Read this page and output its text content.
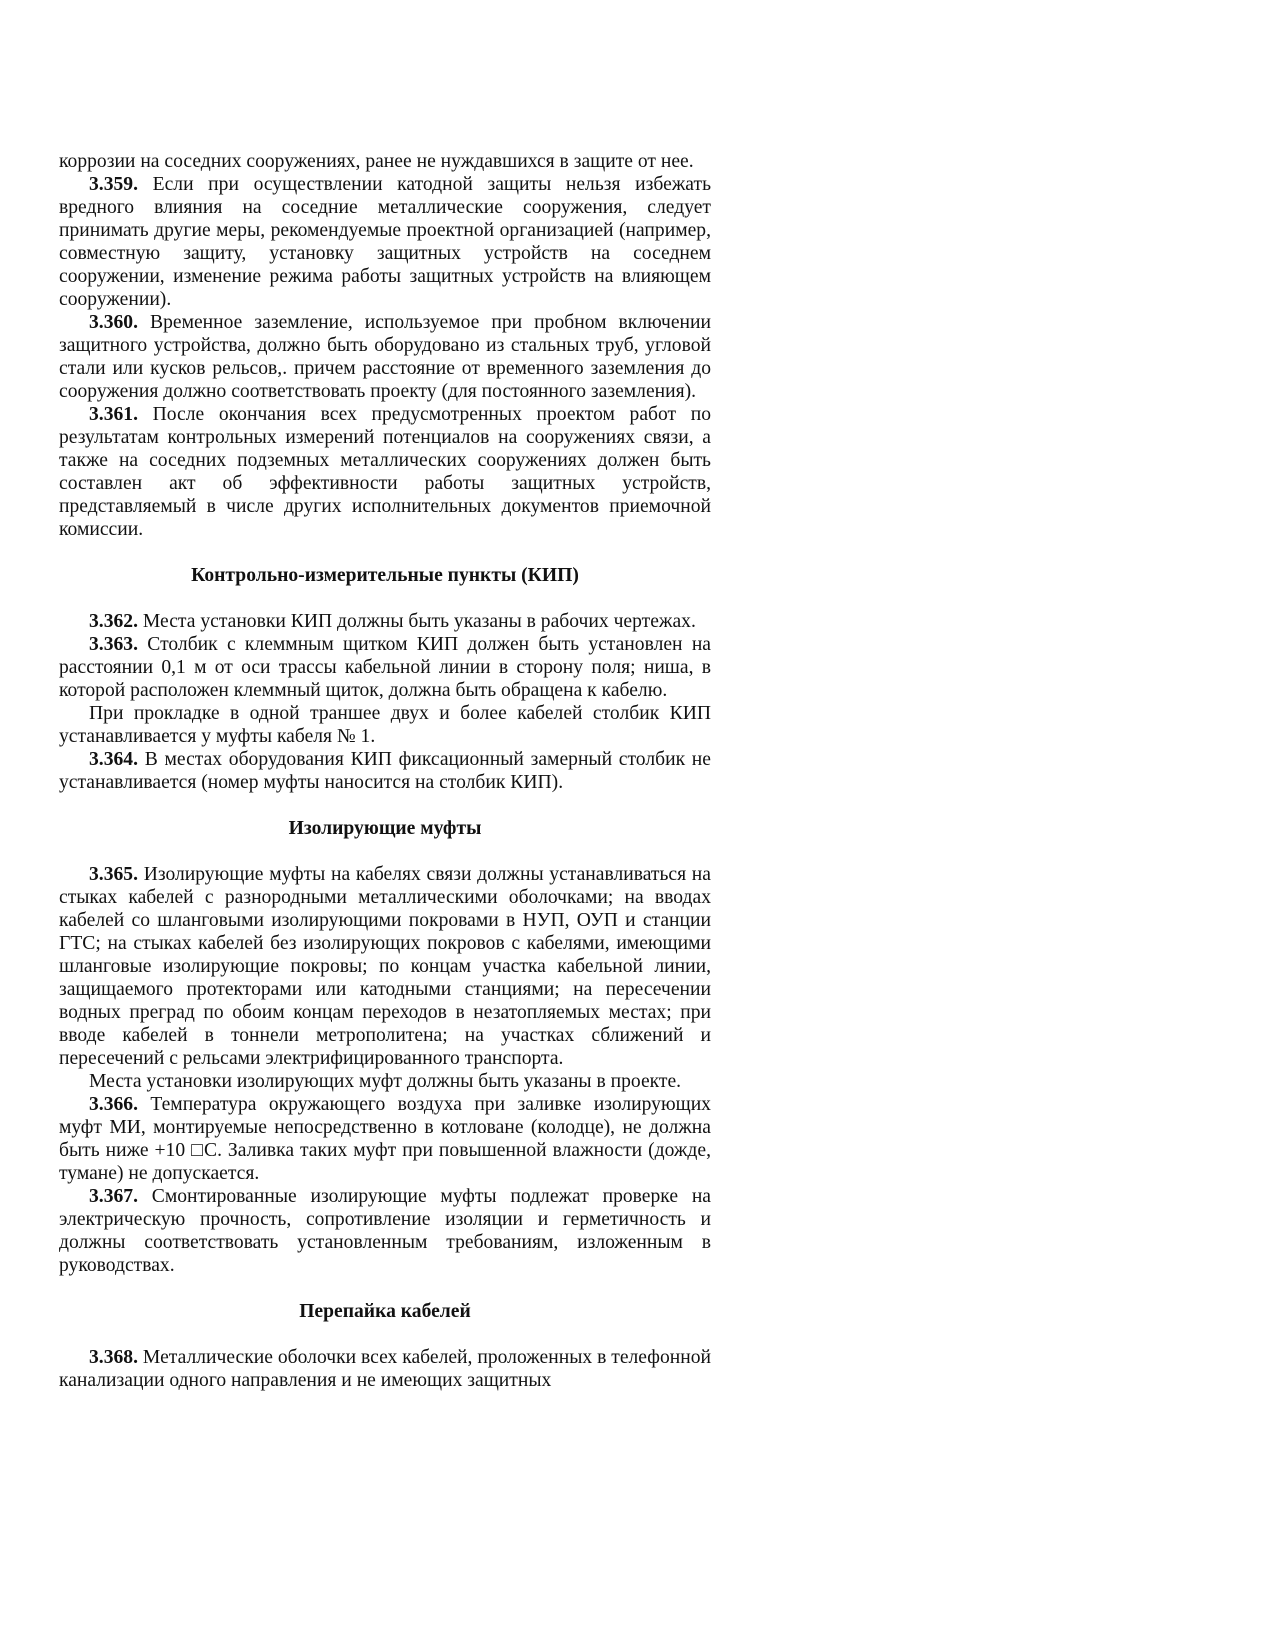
коррозии на соседних сооружениях, ранее не нуждавшихся в защите от нее.

3.359. Если при осуществлении катодной защиты нельзя избежать вредного влияния на соседние металлические сооружения, следует принимать другие меры, рекомендуемые проектной организацией (например, совместную защиту, установку защитных устройств на соседнем сооружении, изменение режима работы защитных устройств на влияющем сооружении).

3.360. Временное заземление, используемое при пробном включении защитного устройства, должно быть оборудовано из стальных труб, угловой стали или кусков рельсов,. причем расстояние от временного заземления до сооружения должно соответствовать проекту (для постоянного заземления).

3.361. После окончания всех предусмотренных проектом работ по результатам контрольных измерений потенциалов на сооружениях связи, а также на соседних подземных металлических сооружениях должен быть составлен акт об эффективности работы защитных устройств, представляемый в числе других исполнительных документов приемочной комиссии.

Контрольно-измерительные пункты (КИП)

3.362. Места установки КИП должны быть указаны в рабочих чертежах.

3.363. Столбик с клеммным щитком КИП должен быть установлен на расстоянии 0,1 м от оси трассы кабельной линии в сторону поля; ниша, в которой расположен клеммный щиток, должна быть обращена к кабелю.

При прокладке в одной траншее двух и более кабелей столбик КИП устанавливается у муфты кабеля № 1.

3.364. В местах оборудования КИП фиксационный замерный столбик не устанавливается (номер муфты наносится на столбик КИП).

Изолирующие муфты

3.365. Изолирующие муфты на кабелях связи должны устанавливаться на стыках кабелей с разнородными металлическими оболочками; на вводах кабелей со шланговыми изолирующими покровами в НУП, ОУП и станции ГТС; на стыках кабелей без изолирующих покровов с кабелями, имеющими шланговые изолирующие покровы; по концам участка кабельной линии, защищаемого протекторами или катодными станциями; на пересечении водных преград по обоим концам переходов в незатопляемых местах; при вводе кабелей в тоннели метрополитена; на участках сближений и пересечений с рельсами электрифицированного транспорта.

Места установки изолирующих муфт должны быть указаны в проекте.

3.366. Температура окружающего воздуха при заливке изолирующих муфт МИ, монтируемые непосредственно в котловане (колодце), не должна быть ниже +10 □С. Заливка таких муфт при повышенной влажности (дожде, тумане) не допускается.

3.367. Смонтированные изолирующие муфты подлежат проверке на электрическую прочность, сопротивление изоляции и герметичность и должны соответствовать установленным требованиям, изложенным в руководствах.

Перепайка кабелей

3.368. Металлические оболочки всех кабелей, проложенных в телефонной канализации одного направления и не имеющих защитных
